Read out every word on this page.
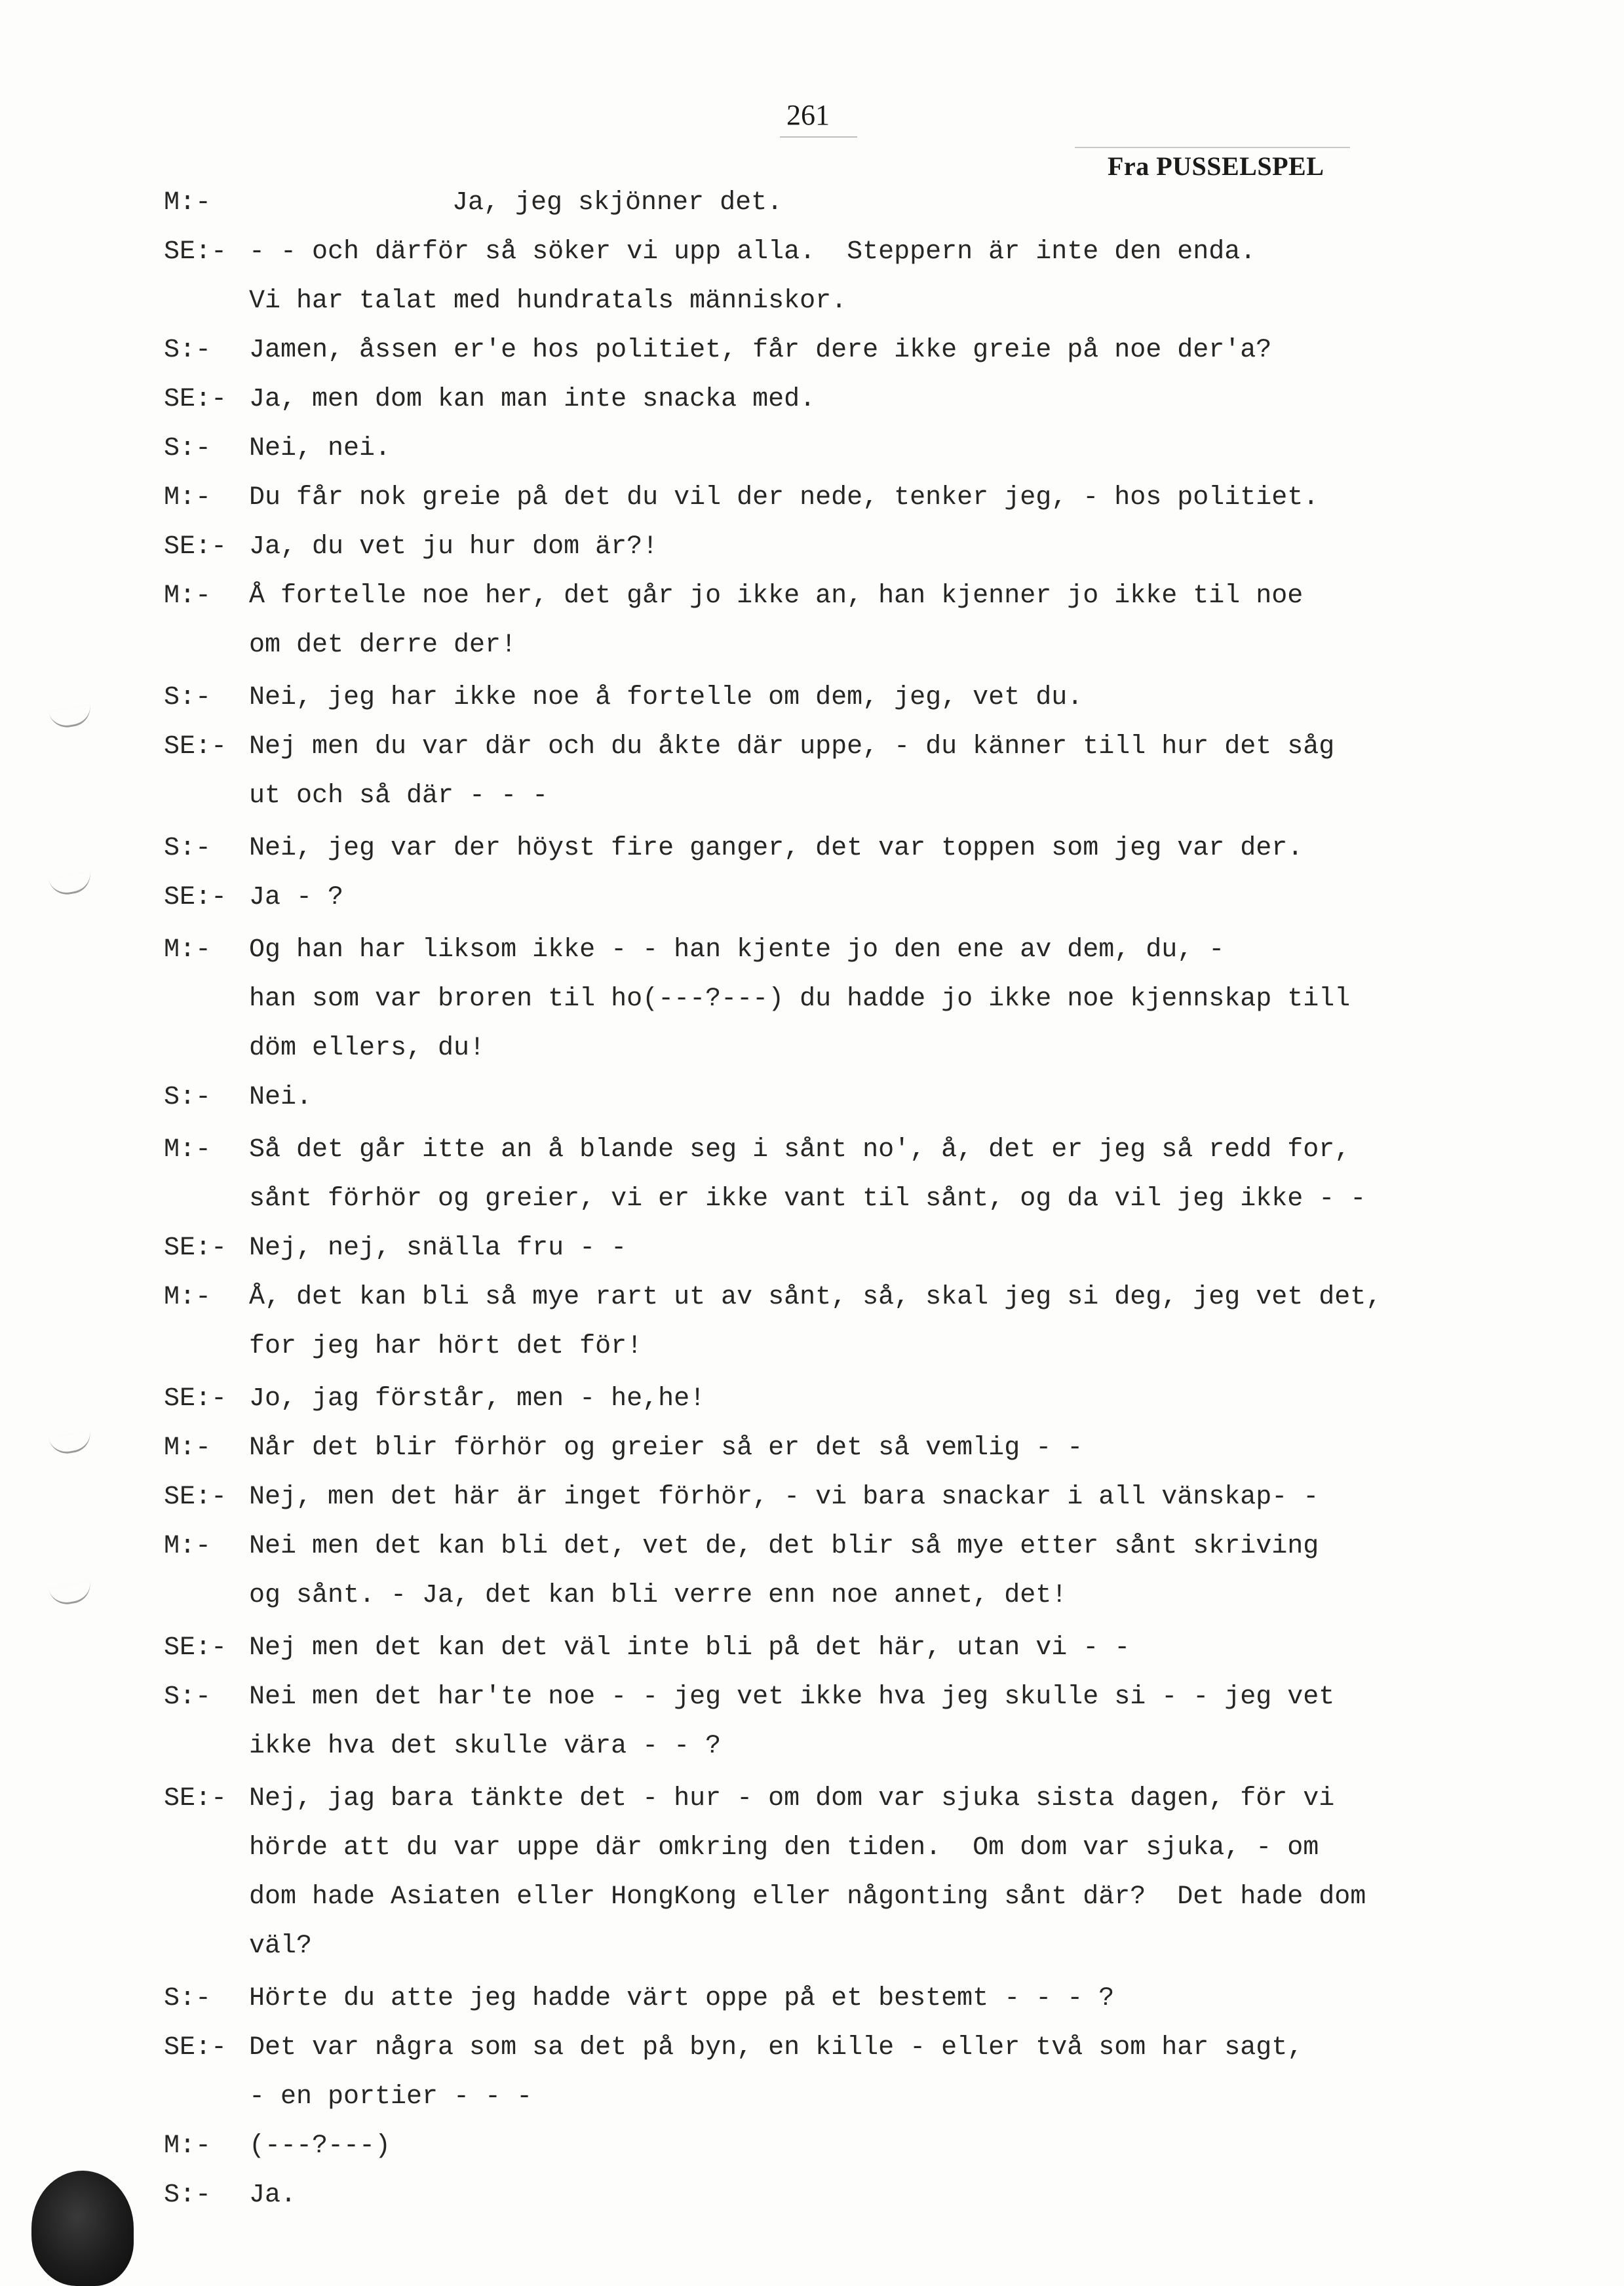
261
Fra PUSSELSPEL
M:-	Ja, jeg skjönner det.
SE:- - - och därför så söker vi upp alla.  Steppern är inte den enda.
Vi har talat med hundratals människor.
S:- Jamen, åssen er'e hos politiet, får dere ikke greie på noe der'a?
SE:- Ja, men dom kan man inte snacka med.
S:- Nei, nei.
M:- Du får nok greie på det du vil der nede, tenker jeg, - hos politiet.
SE:- Ja, du vet ju hur dom är?!
M:- Å fortelle noe her, det går jo ikke an, han kjenner jo ikke til noe
om det derre der!
S:- Nei, jeg har ikke noe å fortelle om dem, jeg, vet du.
SE:- Nej men du var där och du åkte där uppe, - du känner till hur det såg
ut och så där - - -
S:- Nei, jeg var der höyst fire ganger, det var toppen som jeg var der.
SE:- Ja - ?
M:- Og han har liksom ikke - - han kjente jo den ene av dem, du, -
han som var broren til ho(---?---) du hadde jo ikke noe kjennskap till
döm ellers, du!
S:- Nei.
M:- Så det går itte an å blande seg i sånt no', å, det er jeg så redd for,
sånt förhör og greier, vi er ikke vant til sånt, og da vil jeg ikke - -
SE:- Nej, nej, snälla fru - -
M:- Å, det kan bli så mye rart ut av sånt, så, skal jeg si deg, jeg vet det,
for jeg har hört det för!
SE:- Jo, jag förstår, men - he,he!
M:- Når det blir förhör og greier så er det så vemlig - -
SE:- Nej, men det här är inget förhör, - vi bara snackar i all vänskap- -
M:- Nei men det kan bli det, vet de, det blir så mye etter sånt skriving
og sånt. - Ja, det kan bli verre enn noe annet, det!
SE:- Nej men det kan det väl inte bli på det här, utan vi - -
S:- Nei men det har'te noe - - jeg vet ikke hva jeg skulle si - - jeg vet
ikke hva det skulle vära - - ?
SE:- Nej, jag bara tänkte det - hur - om dom var sjuka sista dagen, för vi
hörde att du var uppe där omkring den tiden.  Om dom var sjuka, - om
dom hade Asiaten eller HongKong eller någonting sånt där?  Det hade dom
väl?
S:- Hörte du atte jeg hadde värt oppe på et bestemt - - - ?
SE:- Det var några som sa det på byn, en kille - eller två som har sagt,
- en portier - - -
M:- (---?---)
S:- Ja.
